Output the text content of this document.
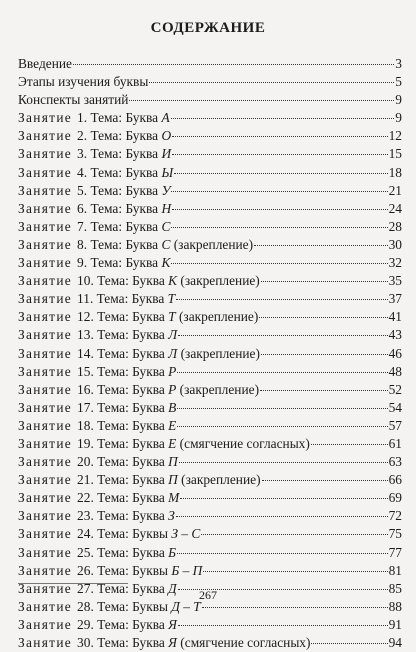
СОДЕРЖАНИЕ
Введение	3
Этапы изучения буквы	5
Конспекты занятий	9
Занятие 1. Тема: Буква А	9
Занятие 2. Тема: Буква О	12
Занятие 3. Тема: Буква И	15
Занятие 4. Тема: Буква Ы	18
Занятие 5. Тема: Буква У	21
Занятие 6. Тема: Буква Н	24
Занятие 7. Тема: Буква С	28
Занятие 8. Тема: Буква С (закрепление)	30
Занятие 9. Тема: Буква К	32
Занятие 10. Тема: Буква К (закрепление)	35
Занятие 11. Тема: Буква Т	37
Занятие 12. Тема: Буква Т (закрепление)	41
Занятие 13. Тема: Буква Л	43
Занятие 14. Тема: Буква Л (закрепление)	46
Занятие 15. Тема: Буква Р	48
Занятие 16. Тема: Буква Р (закрепление)	52
Занятие 17. Тема: Буква В	54
Занятие 18. Тема: Буква Е	57
Занятие 19. Тема: Буква Е (смягчение согласных)	61
Занятие 20. Тема: Буква П	63
Занятие 21. Тема: Буква П (закрепление)	66
Занятие 22. Тема: Буква М	69
Занятие 23. Тема: Буква З	72
Занятие 24. Тема: Буквы З – С	75
Занятие 25. Тема: Буква Б	77
Занятие 26. Тема: Буквы Б – П	81
Занятие 27. Тема: Буква Д	85
Занятие 28. Тема: Буквы Д – Т	88
Занятие 29. Тема: Буква Я	91
Занятие 30. Тема: Буква Я (смягчение согласных)	94
267
